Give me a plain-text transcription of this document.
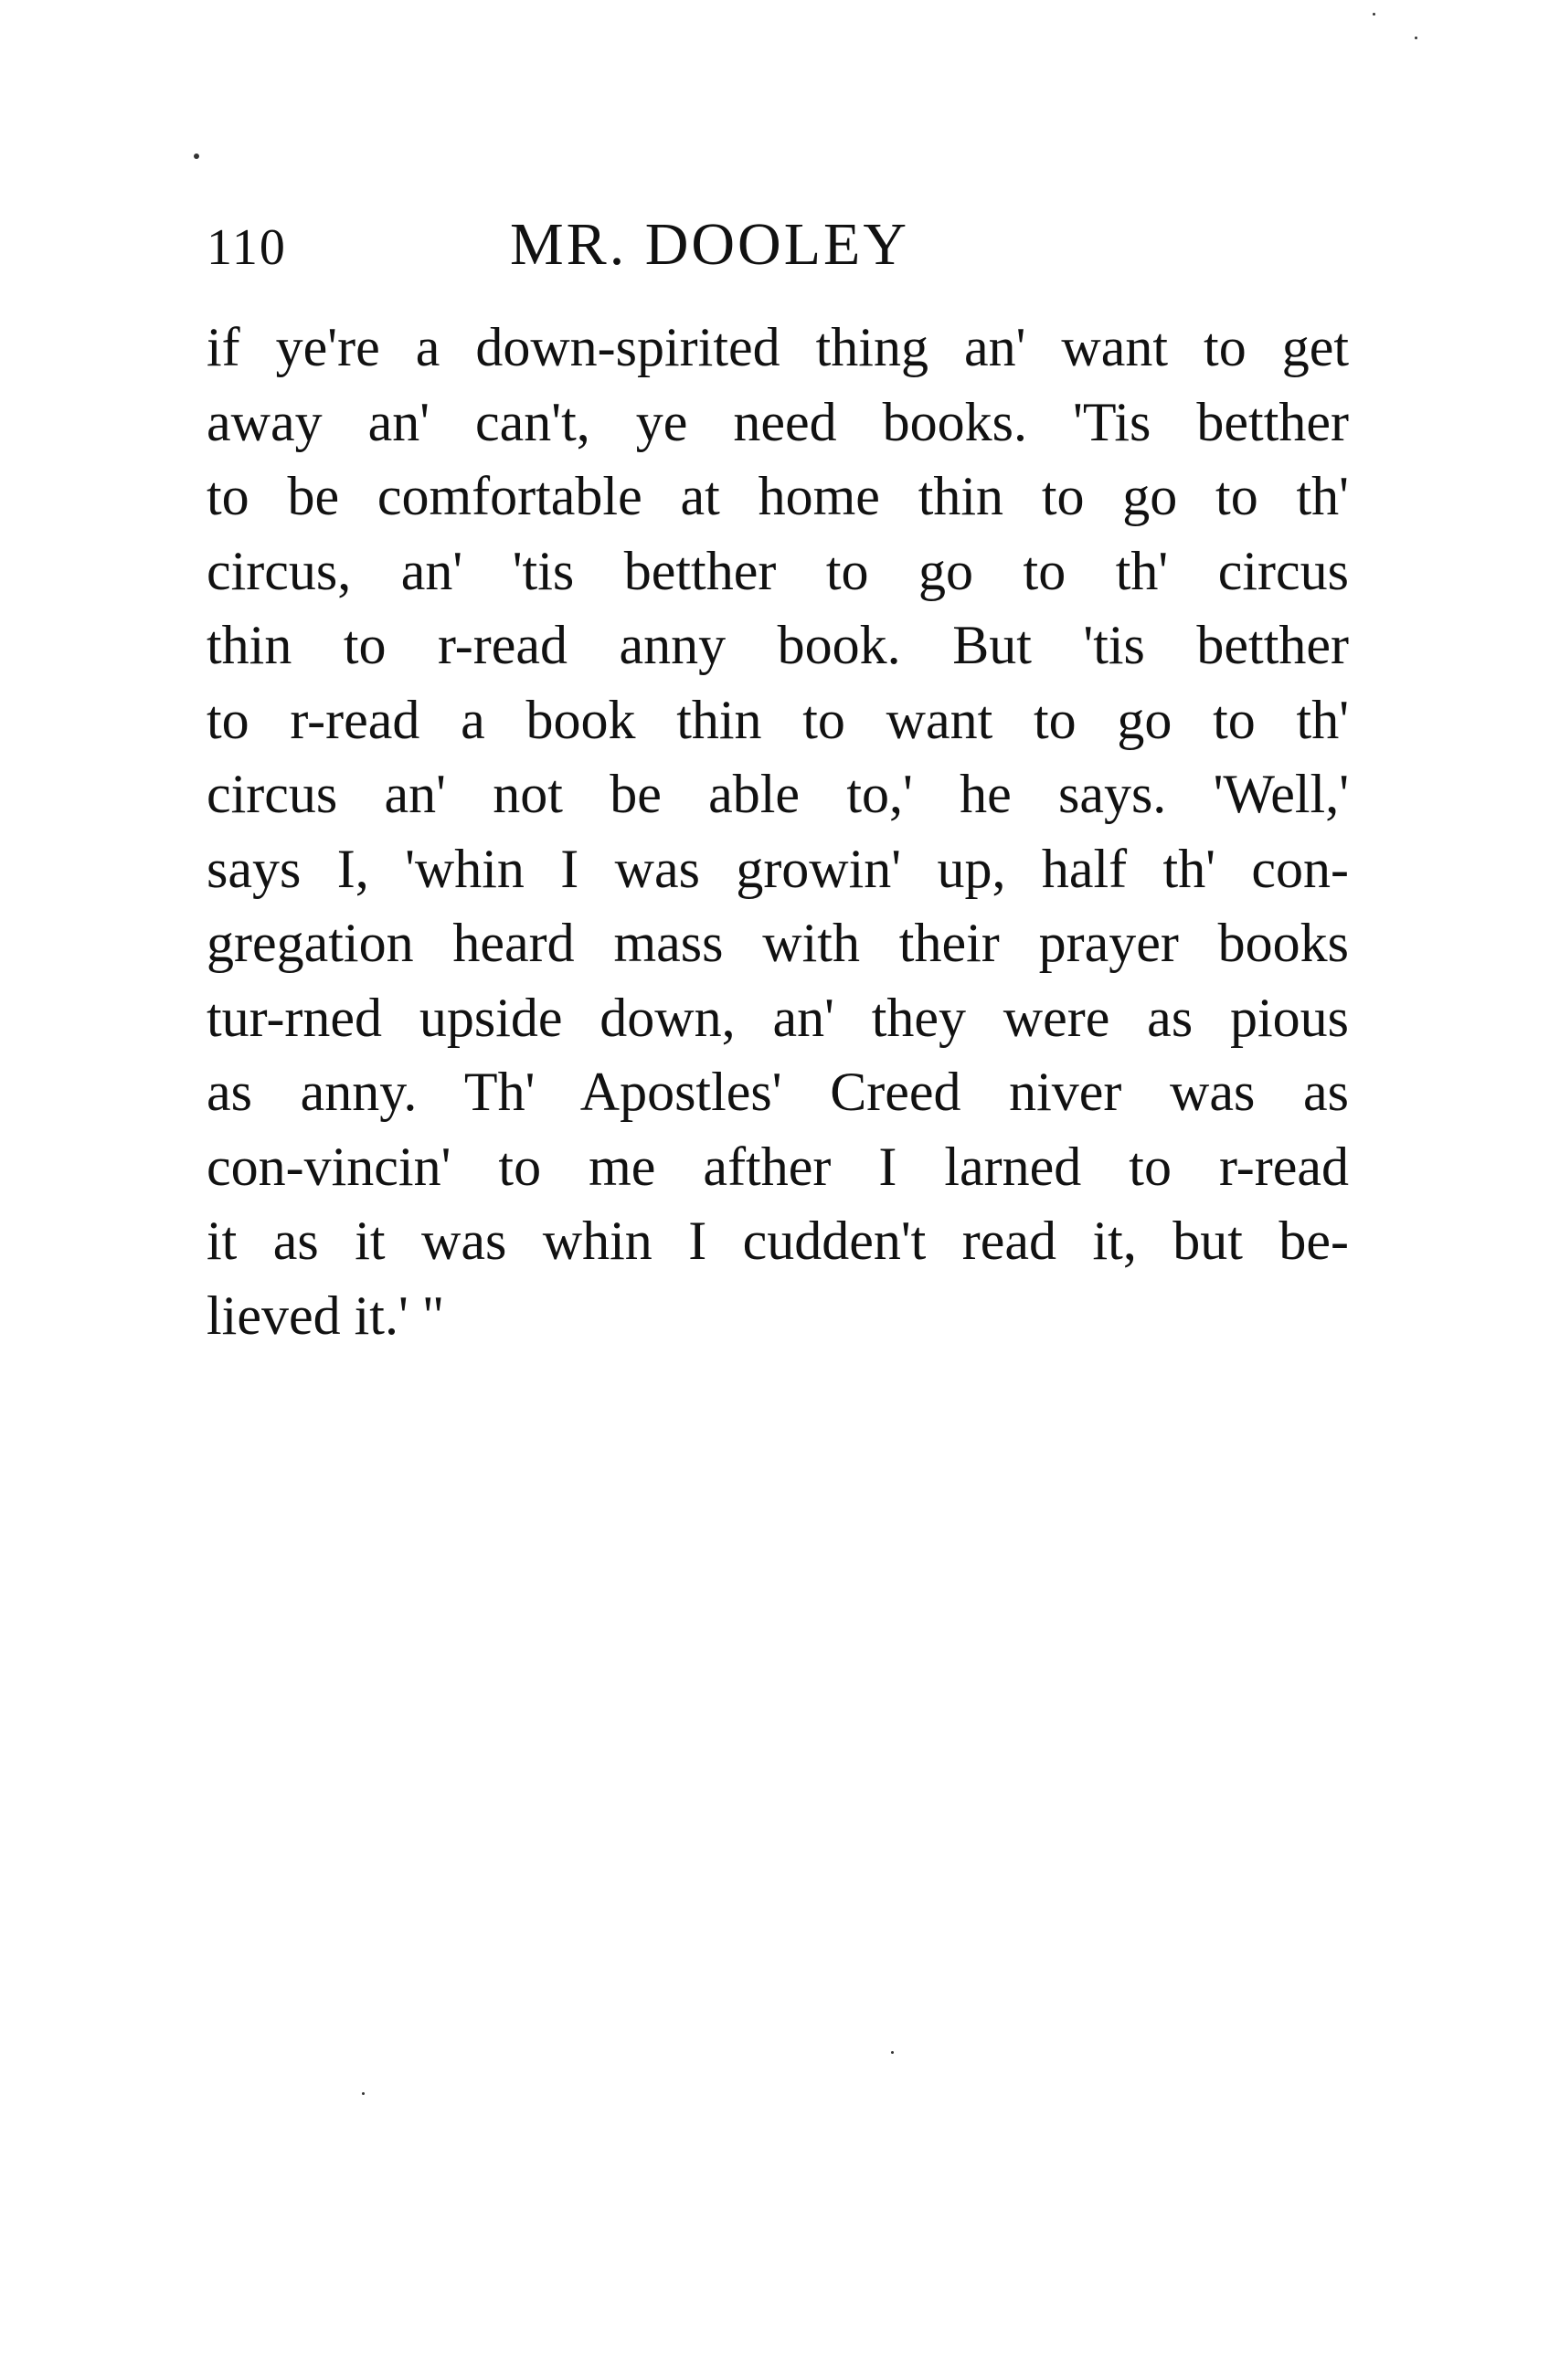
110	MR. DOOLEY
if ye're a down-spirited thing an' want to get
away an' can't, ye need books. 'Tis betther
to be comfortable at home thin to go to th'
circus, an' 'tis betther to go to th' circus
thin to r-read anny book. But 'tis betther
to r-read a book thin to want to go to th'
circus an' not be able to,' he says. 'Well,'
says I, 'whin I was growin' up, half th' con-
gregation heard mass with their prayer books
tur-rned upside down, an' they were as pious
as anny. Th' Apostles' Creed niver was as
con-vincin' to me afther I larned to r-read
it as it was whin I cudden't read it, but be-
lieved it.' "
